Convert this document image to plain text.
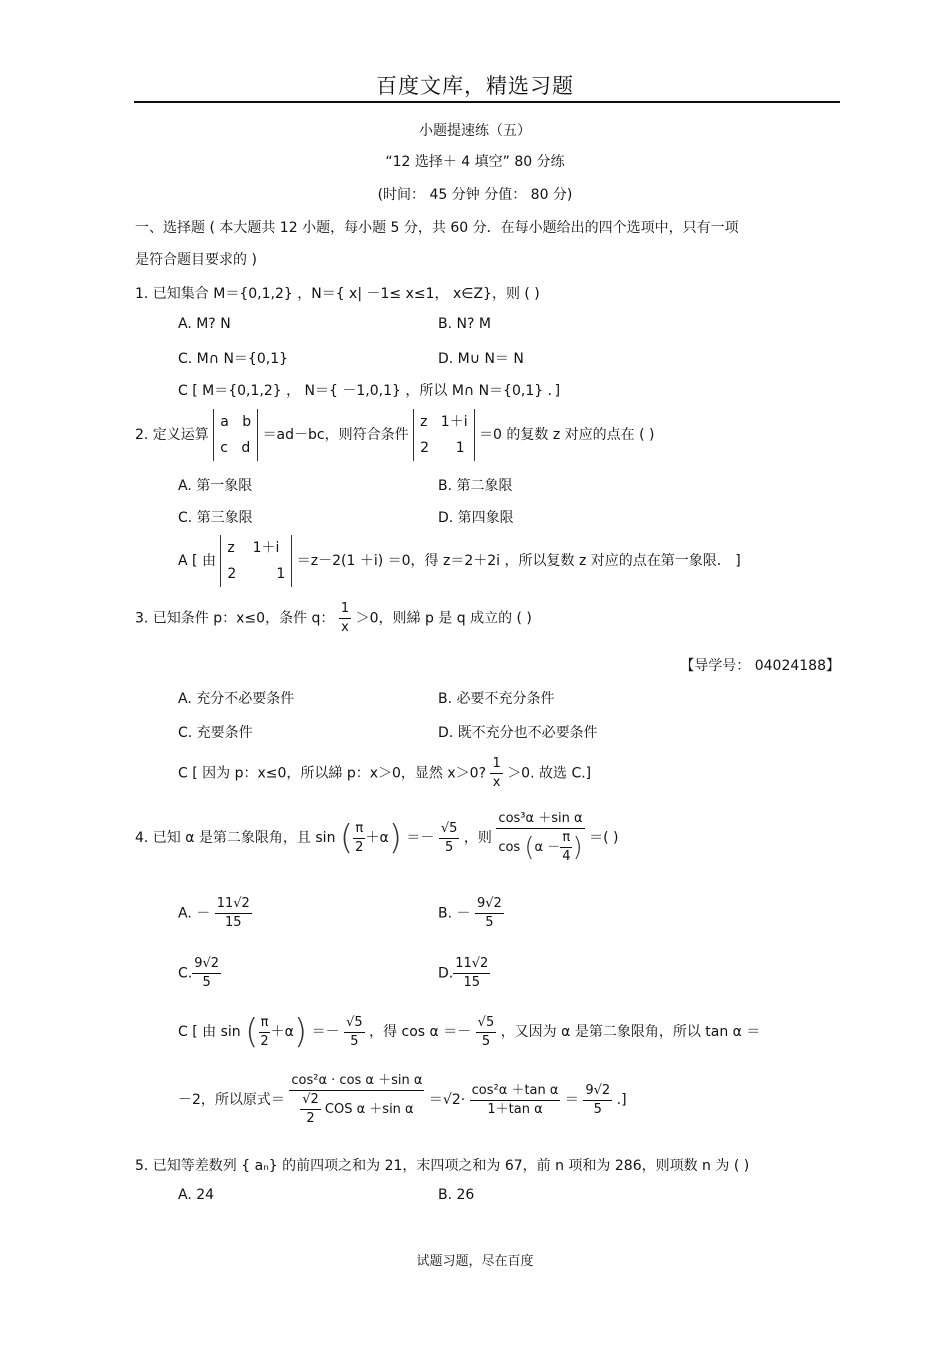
百度文库，精选习题
小题提速练（五）
“12 选择＋ 4 填空” 80 分练
(时间： 45 分钟 分值： 80 分)
一、选择题 ( 本大题共 12 小题，每小题 5 分，共 60 分．在每小题给出的四个选项中，只有一项
是符合题目要求的 )
1. 已知集合 M＝{0,1,2} ，N＝{ x| －1≤ x≤1， x∈Z}，则 ( )
A. M? N	B. N? M
C. M∩ N＝{0,1}	D. M∪ N＝ N
C [ M＝{0,1,2} ， N＝{ －1,0,1} ，所以 M∩ N＝{0,1} ．]
2. 定义运算 a b
c d ＝ad－bc，则符合条件 z 1＋i
2 1 ＝0 的复数 z 对应的点在 ( )
A. 第一象限	B. 第二象限
C. 第三象限	D. 第四象限
A [ 由 z 1＋i
2	1 ＝z－2(1 ＋i) ＝0，得 z＝2＋2i ，所以复数 z 对应的点在第一象限． ]
3. 已知条件 p：x≤0，条件 q： $\frac{1}{x} >0$，则綈 p 是 q 成立的 ( )
【导学号： 04024188】
A. 充分不必要条件	B. 必要不充分条件
C. 充要条件	D. 既不充分也不必要条件
C [ 因为 p：x≤0，所以綈 p：x＞0，显然 x＞0? $\frac{1}{x} >0$. 故选 C.]
4. 已知 α 是第二象限角，且 sin ( $\frac{\pi}{2} +\alpha) =- \frac{√5}{5}$ ，则 $\frac{\text{cos³α ＋sin α}}{\cos (\alpha - \frac{\pi}{4} )}$ ＝( )
A. － $\frac{11√2}{15}$	B. － $\frac{9√2}{5}$
C. $\frac{9√2}{5}$	D. $\frac{11√2}{15}$
C [ 由 sin ( $\frac{\pi}{2} +\alpha) =- \frac{√5}{5}$ ，得 $\cos \alpha =- \frac{√5}{5}$ ，又因为 α 是第二象限角，所以 tan α ＝
－2，所以原式＝ $\frac{\text{cos²α · cos α ＋sin α}}{\frac{√2}{2} COS \alpha +\sin \alpha} =√2\cdot \frac{\text{cos²α ＋tan α}}{\text{1＋tan α}} = \frac{9√2}{5}$ .]
5. 已知等差数列 { aₙ} 的前四项之和为 21，末四项之和为 67，前 n 项和为 286，则项数 n 为 ( )
A. 24	B. 26
试题习题，尽在百度
